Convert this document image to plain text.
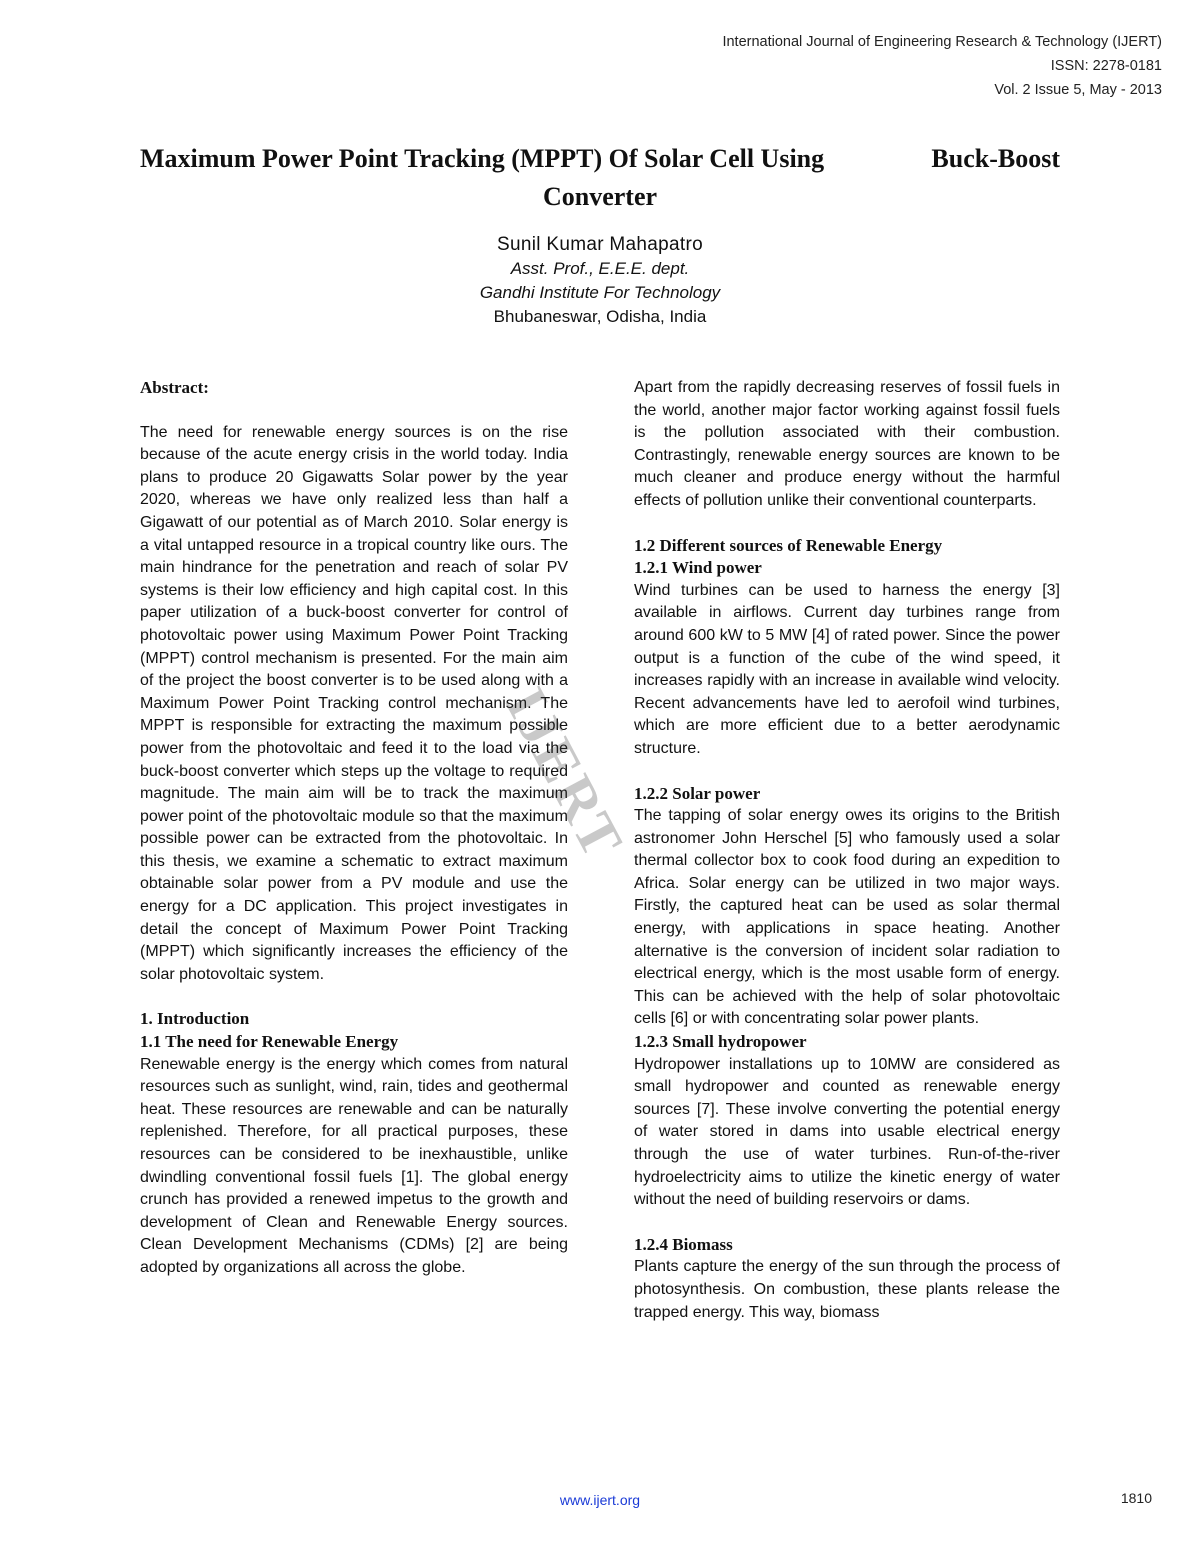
International Journal of Engineering Research & Technology (IJERT)
ISSN: 2278-0181
Vol. 2 Issue 5, May - 2013
Maximum Power Point Tracking (MPPT) Of Solar Cell Using	Buck-Boost
Converter
Sunil Kumar Mahapatro
Asst. Prof., E.E.E. dept.
Gandhi Institute For Technology
Bhubaneswar, Odisha, India

Abstract:

The need for renewable energy sources is on the rise because of the acute energy crisis in the world today. India plans to produce 20 Gigawatts Solar power by the year 2020, whereas we have only realized less than half a Gigawatt of our potential as of March 2010. Solar energy is a vital untapped resource in a tropical country like ours. The main hindrance for the penetration and reach of solar PV systems is their low efficiency and high capital cost. In this paper utilization of a buck-boost converter for control of photovoltaic power using Maximum Power Point Tracking (MPPT) control mechanism is presented. For the main aim of the project the boost converter is to be used along with a Maximum Power Point Tracking control mechanism. The MPPT is responsible for extracting the maximum possible power from the photovoltaic and feed it to the load via the buck-boost converter which steps up the voltage to required magnitude. The main aim will be to track the maximum power point of the photovoltaic module so that the maximum possible power can be extracted from the photovoltaic. In this thesis, we examine a schematic to extract maximum obtainable solar power from a PV module and use the energy for a DC application. This project investigates in detail the concept of Maximum Power Point Tracking (MPPT) which significantly increases the efficiency of the solar photovoltaic system.

1. Introduction

1.1 The need for Renewable Energy

Renewable energy is the energy which comes from natural resources such as sunlight, wind, rain, tides and geothermal heat. These resources are renewable and can be naturally replenished. Therefore, for all practical purposes, these resources can be considered to be inexhaustible, unlike dwindling conventional fossil fuels [1]. The global energy crunch has provided a renewed impetus to the growth and development of Clean and Renewable Energy sources. Clean Development Mechanisms (CDMs) [2] are being adopted by organizations all across the globe.

Apart from the rapidly decreasing reserves of fossil fuels in the world, another major factor working against fossil fuels is the pollution associated with their combustion. Contrastingly, renewable energy sources are known to be much cleaner and produce energy without the harmful effects of pollution unlike their conventional counterparts.

1.2 Different sources of Renewable Energy

1.2.1 Wind power

Wind turbines can be used to harness the energy [3] available in airflows. Current day turbines range from around 600 kW to 5 MW [4] of rated power. Since the power output is a function of the cube of the wind speed, it increases rapidly with an increase in available wind velocity. Recent advancements have led to aerofoil wind turbines, which are more efficient due to a better aerodynamic structure.

1.2.2 Solar power

The tapping of solar energy owes its origins to the British astronomer John Herschel [5] who famously used a solar thermal collector box to cook food during an expedition to Africa. Solar energy can be utilized in two major ways. Firstly, the captured heat can be used as solar thermal energy, with applications in space heating. Another alternative is the conversion of incident solar radiation to electrical energy, which is the most usable form of energy. This can be achieved with the help of solar photovoltaic cells [6] or with concentrating solar power plants.

1.2.3 Small hydropower

Hydropower installations up to 10MW are considered as small hydropower and counted as renewable energy sources [7]. These involve converting the potential energy of water stored in dams into usable electrical energy through the use of water turbines. Run-of-the-river hydroelectricity aims to utilize the kinetic energy of water without the need of building reservoirs or dams.

1.2.4 Biomass

Plants capture the energy of the sun through the process of photosynthesis. On combustion, these plants release the trapped energy. This way, biomass

IJERT
www.ijert.org	1810
